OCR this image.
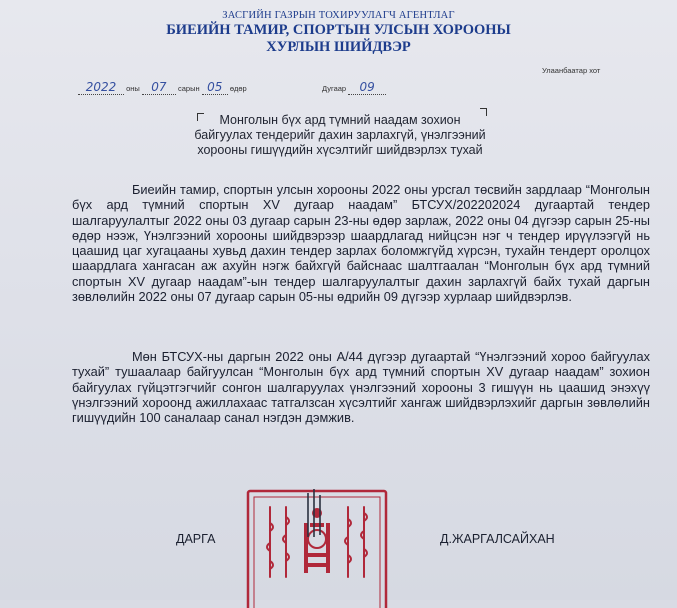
ЗАСГИЙН ГАЗРЫН ТОХИРУУЛАГЧ АГЕНТЛАГ
БИЕИЙН ТАМИР, СПОРТЫН УЛСЫН ХОРООНЫ
ХУРЛЫН ШИЙДВЭР
2022 оны 07 сарын 05 өдөр	Дугаар 09
Улаанбаатар хот
Монголын бүх ард түмний наадам зохион
байгуулах тендерийг дахин зарлахгүй, үнэлгээний
хорооны гишүүдийн хүсэлтийг шийдвэрлэх тухай
Биеийн тамир, спортын улсын хорооны 2022 оны урсгал төсвийн зардлаар “Монголын бүх ард түмний спортын XV дугаар наадам” БТСУХ/202202024 дугаартай тендер шалгаруулалтыг 2022 оны 03 дугаар сарын 23-ны өдөр зарлаж, 2022 оны 04 дүгээр сарын 25-ны өдөр нээж, Үнэлгээний хорооны шийдвэрээр шаардлагад нийцсэн нэг ч тендер ирүүлээгүй нь цаашид цаг хугацааны хувьд дахин тендер зарлах боломжгүйд хүрсэн, тухайн тендерт оролцох шаардлага хангасан аж ахуйн нэгж байхгүй байснаас шалтгаалан “Монголын бүх ард түмний спортын XV дугаар наадам”-ын тендер шалгаруулалтыг дахин зарлахгүй байх тухай даргын зөвлөлийн 2022 оны 07 дугаар сарын 05-ны өдрийн 09 дүгээр хурлаар шийдвэрлэв.
Мөн БТСУХ-ны даргын 2022 оны А/44 дүгээр дугаартай “Үнэлгээний хороо байгуулах тухай” тушаалаар байгуулсан “Монголын бүх ард түмний спортын XV дугаар наадам” зохион байгуулах гүйцэтгэгчийг сонгон шалгаруулах үнэлгээний хорооны 3 гишүүн нь цаашид энэхүү үнэлгээний хороонд ажиллахаас татгалзсан хүсэлтийг хангаж шийдвэрлэхийг даргын зөвлөлийн гишүүдийн 100 саналаар санал нэгдэн дэмжив.
ДАРГА	Д.ЖАРГАЛСАЙХАН
